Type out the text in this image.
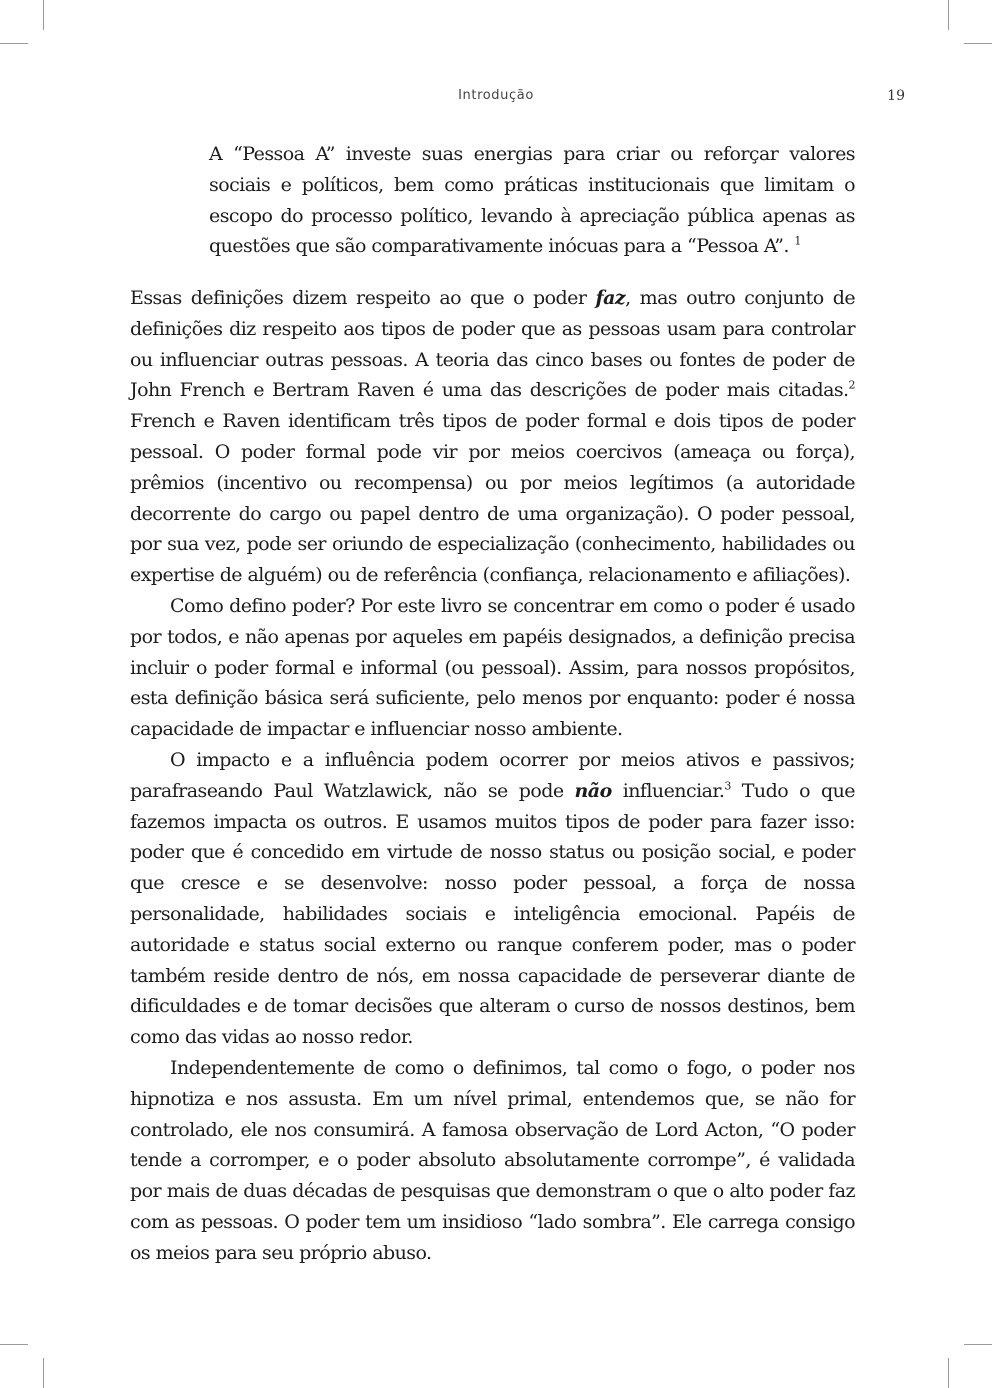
Introdução	19
A “Pessoa A” investe suas energias para criar ou reforçar valores sociais e políticos, bem como práticas institucionais que limitam o escopo do processo político, levando à apreciação pública apenas as questões que são comparativamente inócuas para a “Pessoa A”. $^1$

Essas definições dizem respeito ao que o poder faz, mas outro conjunto de definições diz respeito aos tipos de poder que as pessoas usam para controlar ou influenciar outras pessoas. A teoria das cinco bases ou fontes de poder de John French e Bertram Raven é uma das descrições de poder mais citadas.$^2$ French e Raven identificam três tipos de poder formal e dois tipos de poder pessoal. O poder formal pode vir por meios coercivos (ameaça ou força), prêmios (incentivo ou recompensa) ou por meios legítimos (a autoridade decorrente do cargo ou papel dentro de uma organização). O poder pessoal, por sua vez, pode ser oriundo de especialização (conhecimento, habilidades ou expertise de alguém) ou de referência (confiança, relacionamento e afiliações).

Como defino poder? Por este livro se concentrar em como o poder é usado por todos, e não apenas por aqueles em papéis designados, a definição precisa incluir o poder formal e informal (ou pessoal). Assim, para nossos propósitos, esta definição básica será suficiente, pelo menos por enquanto: poder é nossa capacidade de impactar e influenciar nosso ambiente.

O impacto e a influência podem ocorrer por meios ativos e passivos; parafraseando Paul Watzlawick, não se pode não influenciar.$^3$ Tudo o que fazemos impacta os outros. E usamos muitos tipos de poder para fazer isso: poder que é concedido em virtude de nosso status ou posição social, e poder que cresce e se desenvolve: nosso poder pessoal, a força de nossa personalidade, habilidades sociais e inteligência emocional. Papéis de autoridade e status social externo ou ranque conferem poder, mas o poder também reside dentro de nós, em nossa capacidade de perseverar diante de dificuldades e de tomar decisões que alteram o curso de nossos destinos, bem como das vidas ao nosso redor.

Independentemente de como o definimos, tal como o fogo, o poder nos hipnotiza e nos assusta. Em um nível primal, entendemos que, se não for controlado, ele nos consumirá. A famosa observação de Lord Acton, “O poder tende a corromper, e o poder absoluto absolutamente corrompe”, é validada por mais de duas décadas de pesquisas que demonstram o que o alto poder faz com as pessoas. O poder tem um insidioso “lado sombra”. Ele carrega consigo os meios para seu próprio abuso.
